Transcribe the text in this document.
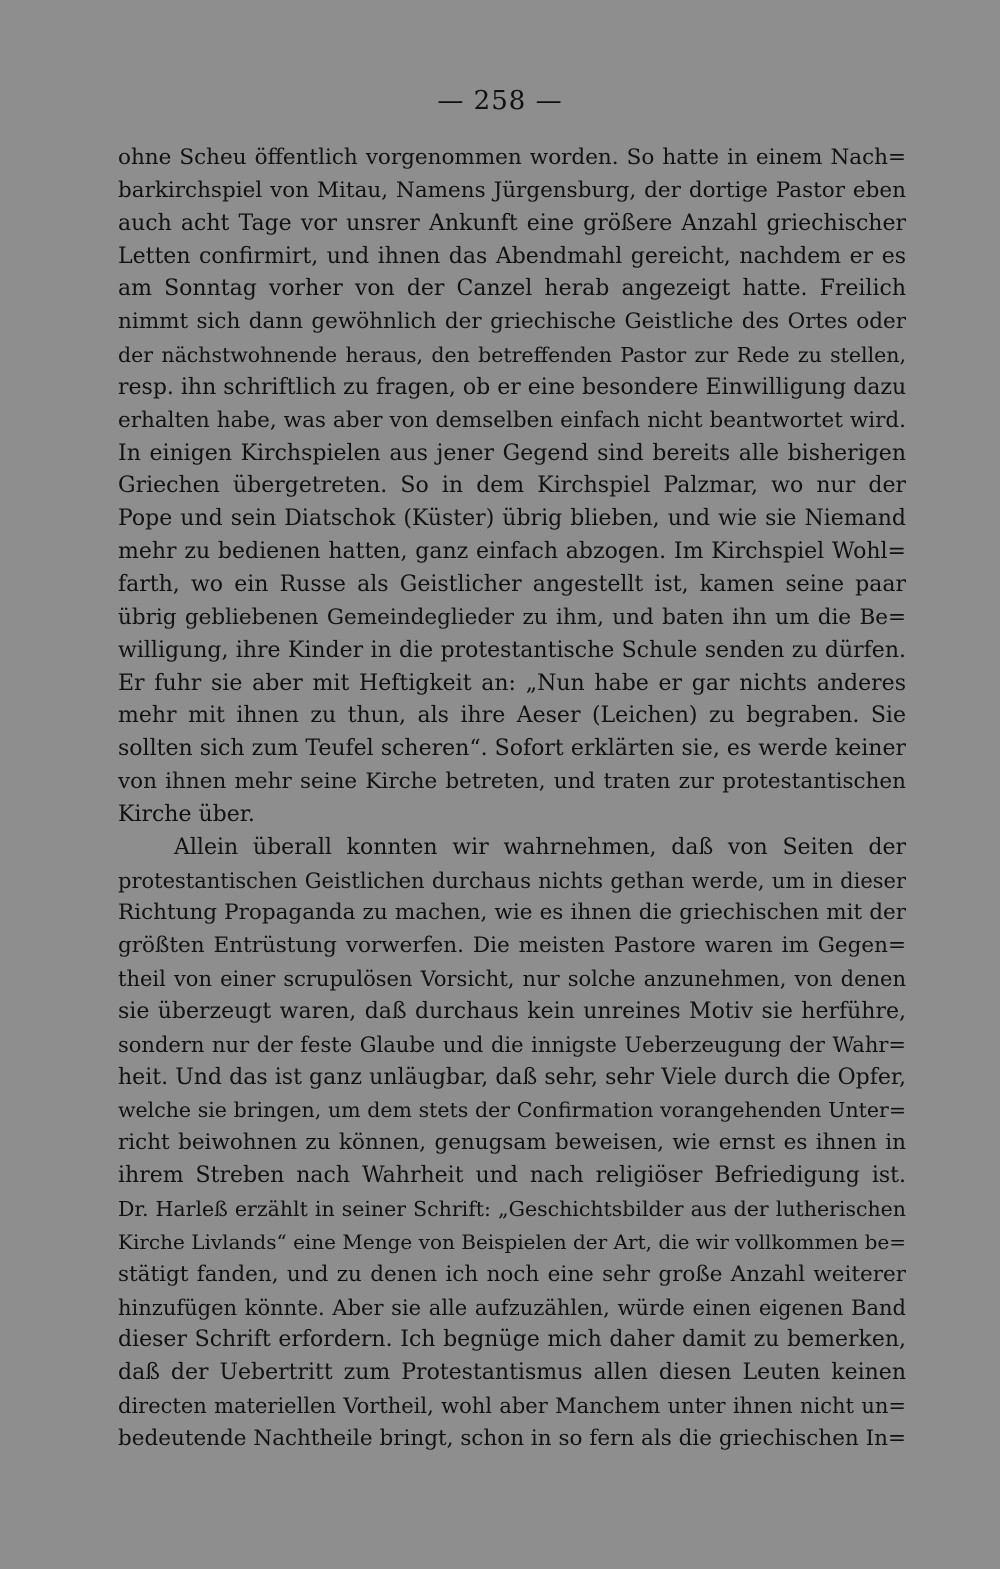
— 258 —
ohne Scheu öffentlich vorgenommen worden. So hatte in einem Nach=
barkirchspiel von Mitau, Namens Jürgensburg, der dortige Pastor eben
auch acht Tage vor unsrer Ankunft eine größere Anzahl griechischer
Letten confirmirt, und ihnen das Abendmahl gereicht, nachdem er es
am Sonntag vorher von der Canzel herab angezeigt hatte. Freilich
nimmt sich dann gewöhnlich der griechische Geistliche des Ortes oder
der nächstwohnende heraus, den betreffenden Pastor zur Rede zu stellen,
resp. ihn schriftlich zu fragen, ob er eine besondere Einwilligung dazu
erhalten habe, was aber von demselben einfach nicht beantwortet wird.
In einigen Kirchspielen aus jener Gegend sind bereits alle bisherigen
Griechen übergetreten. So in dem Kirchspiel Palzmar, wo nur der
Pope und sein Diatschok (Küster) übrig blieben, und wie sie Niemand
mehr zu bedienen hatten, ganz einfach abzogen. Im Kirchspiel Wohl=
farth, wo ein Russe als Geistlicher angestellt ist, kamen seine paar
übrig gebliebenen Gemeindeglieder zu ihm, und baten ihn um die Be=
willigung, ihre Kinder in die protestantische Schule senden zu dürfen.
Er fuhr sie aber mit Heftigkeit an: „Nun habe er gar nichts anderes
mehr mit ihnen zu thun, als ihre Aeser (Leichen) zu begraben. Sie
sollten sich zum Teufel scheren“. Sofort erklärten sie, es werde keiner
von ihnen mehr seine Kirche betreten, und traten zur protestantischen
Kirche über.
Allein überall konnten wir wahrnehmen, daß von Seiten der
protestantischen Geistlichen durchaus nichts gethan werde, um in dieser
Richtung Propaganda zu machen, wie es ihnen die griechischen mit der
größten Entrüstung vorwerfen. Die meisten Pastore waren im Gegen=
theil von einer scrupulösen Vorsicht, nur solche anzunehmen, von denen
sie überzeugt waren, daß durchaus kein unreines Motiv sie herführe,
sondern nur der feste Glaube und die innigste Ueberzeugung der Wahr=
heit. Und das ist ganz unläugbar, daß sehr, sehr Viele durch die Opfer,
welche sie bringen, um dem stets der Confirmation vorangehenden Unter=
richt beiwohnen zu können, genugsam beweisen, wie ernst es ihnen in
ihrem Streben nach Wahrheit und nach religiöser Befriedigung ist.
Dr. Harleß erzählt in seiner Schrift: „Geschichtsbilder aus der lutherischen
Kirche Livlands“ eine Menge von Beispielen der Art, die wir vollkommen be=
stätigt fanden, und zu denen ich noch eine sehr große Anzahl weiterer
hinzufügen könnte. Aber sie alle aufzuzählen, würde einen eigenen Band
dieser Schrift erfordern. Ich begnüge mich daher damit zu bemerken,
daß der Uebertritt zum Protestantismus allen diesen Leuten keinen
directen materiellen Vortheil, wohl aber Manchem unter ihnen nicht un=
bedeutende Nachtheile bringt, schon in so fern als die griechischen In=
